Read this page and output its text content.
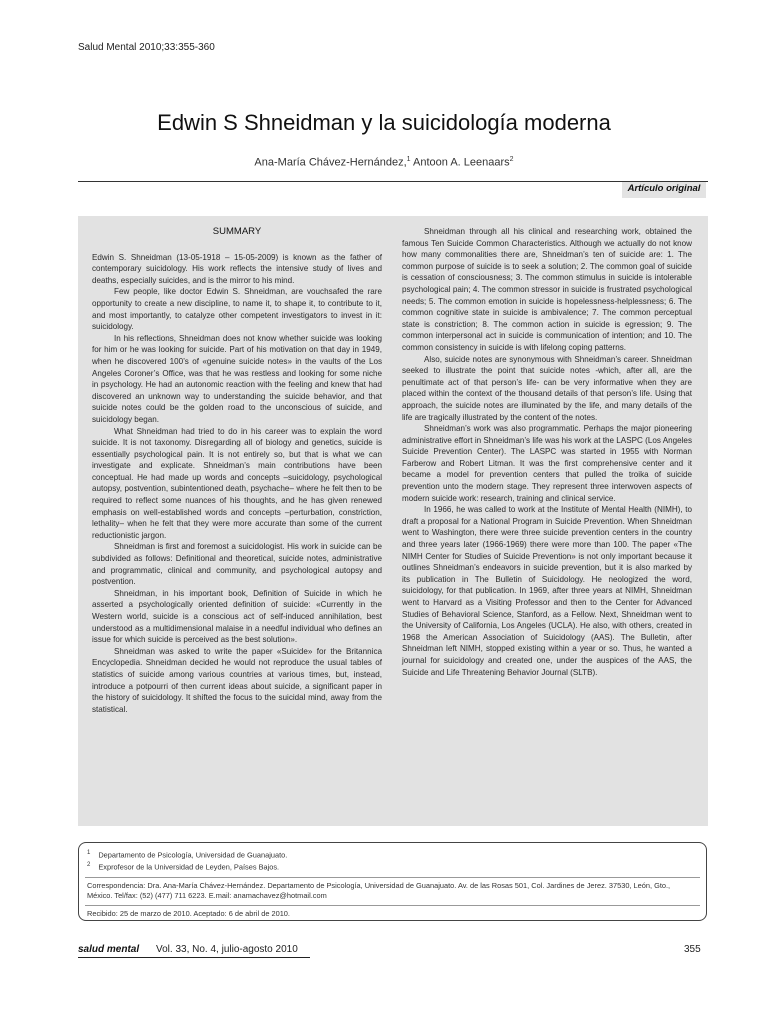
Salud Mental 2010;33:355-360
Edwin S Shneidman y la suicidología moderna
Ana-María Chávez-Hernández,$^1$ Antoon A. Leenaars$^2$
Artículo original
SUMMARY

Edwin S. Shneidman (13-05-1918 – 15-05-2009) is known as the father of contemporary suicidology. His work reflects the intensive study of lives and deaths, especially suicides, and is the mirror to his mind.

Few people, like doctor Edwin S. Shneidman, are vouchsafed the rare opportunity to create a new discipline, to name it, to shape it, to contribute to it, and most importantly, to catalyze other competent investigators to invest in it: suicidology.

In his reflections, Shneidman does not know whether suicide was looking for him or he was looking for suicide. Part of his motivation on that day in 1949, when he discovered 100’s of «genuine suicide notes» in the vaults of the Los Angeles Coroner’s Office, was that he was restless and looking for some niche in psychology. He had an autonomic reaction with the feeling and knew that had discovered an unknown way to understanding the suicide behavior, and that suicide notes could be the golden road to the unconscious of suicide, and suicidology began.

What Shneidman had tried to do in his career was to explain the word suicide. It is not taxonomy. Disregarding all of biology and genetics, suicide is essentially psychological pain. It is not entirely so, but that is what we can investigate and explicate. Shneidman’s main contributions have been conceptual. He had made up words and concepts –suicidology, psychological autopsy, postvention, subintentioned death, psychache– where he felt then to be required to reflect some nuances of his thoughts, and he has given renewed emphasis on well-established words and concepts –perturbation, constriction, lethality– when he felt that they were more accurate than some of the current reductionistic jargon.

Shneidman is first and foremost a suicidologist. His work in suicide can be subdivided as follows: Definitional and theoretical, suicide notes, administrative and programmatic, clinical and community, and psychological autopsy and postvention.

Shneidman, in his important book, Definition of Suicide in which he asserted a psychologically oriented definition of suicide: «Currently in the Western world, suicide is a conscious act of self-induced annihilation, best understood as a multidimensional malaise in a needful individual who defines an issue for which suicide is perceived as the best solution».

Shneidman was asked to write the paper «Suicide» for the Britannica Encyclopedia. Shneidman decided he would not reproduce the usual tables of statistics of suicide among various countries at various times, but, instead, introduce a potpourri of then current ideas about suicide, a significant paper in the history of suicidology. It shifted the focus to the suicidal mind, away from the statistical.

Shneidman through all his clinical and researching work, obtained the famous Ten Suicide Common Characteristics. Although we actually do not know how many commonalities there are, Shneidman’s ten of suicide are: 1. The common purpose of suicide is to seek a solution; 2. The common goal of suicide is cessation of consciousness; 3. The common stimulus in suicide is intolerable psychological pain; 4. The common stressor in suicide is frustrated psychological needs; 5. The common emotion in suicide is hopelessness-helplessness; 6. The common cognitive state in suicide is ambivalence; 7. The common perceptual state is constriction; 8. The common action in suicide is egression; 9. The common interpersonal act in suicide is communication of intention; and 10. The common consistency in suicide is with lifelong coping patterns.

Also, suicide notes are synonymous with Shneidman’s career. Shneidman seeked to illustrate the point that suicide notes -which, after all, are the penultimate act of that person’s life- can be very informative when they are placed within the context of the thousand details of that person’s life. Using that approach, the suicide notes are illuminated by the life, and many details of the life are tragically illustrated by the content of the notes.

Shneidman’s work was also programmatic. Perhaps the major pioneering administrative effort in Shneidman’s life was his work at the LASPC (Los Angeles Suicide Prevention Center). The LASPC was started in 1955 with Norman Farberow and Robert Litman. It was the first comprehensive center and it became a model for prevention centers that pulled the troika of suicide prevention unto the modern stage. They represent three interwoven aspects of modern suicide work: research, training and clinical service.

In 1966, he was called to work at the Institute of Mental Health (NIMH), to draft a proposal for a National Program in Suicide Prevention. When Shneidman went to Washington, there were three suicide prevention centers in the country and three years later (1966-1969) there were more than 100. The paper «The NIMH Center for Studies of Suicide Prevention» is not only important because it outlines Shneidman’s endeavors in suicide prevention, but it is also marked by its publication in The Bulletin of Suicidology. He neologized the word, suicidology, for that publication. In 1969, after three years at NIMH, Shneidman went to Harvard as a Visiting Professor and then to the Center for Advanced Studies of Behavioral Science, Stanford, as a Fellow. Next, Shneidman went to the University of California, Los Angeles (UCLA). He also, with others, created in 1968 the American Association of Suicidology (AAS). The Bulletin, after Shneidman left NIMH, stopped existing within a year or so. Thus, he wanted a journal for suicidology and created one, under the auspices of the AAS, the Suicide and Life Threatening Behavior Journal (SLTB).

$^1$ Departamento de Psicología, Universidad de Guanajuato.
$^2$ Exprofesor de la Universidad de Leyden, Países Bajos.
Correspondencia: Dra. Ana-María Chávez-Hernández. Departamento de Psicología, Universidad de Guanajuato. Av. de las Rosas 501, Col. Jardines de Jerez. 37530, León, Gto., México. Tel/fax: (52) (477) 711 6223. E.mail: anamachavez@hotmail.com
Recibido: 25 de marzo de 2010. Aceptado: 6 de abril de 2010.
salud mental Vol. 33, No. 4, julio-agosto 2010	355
